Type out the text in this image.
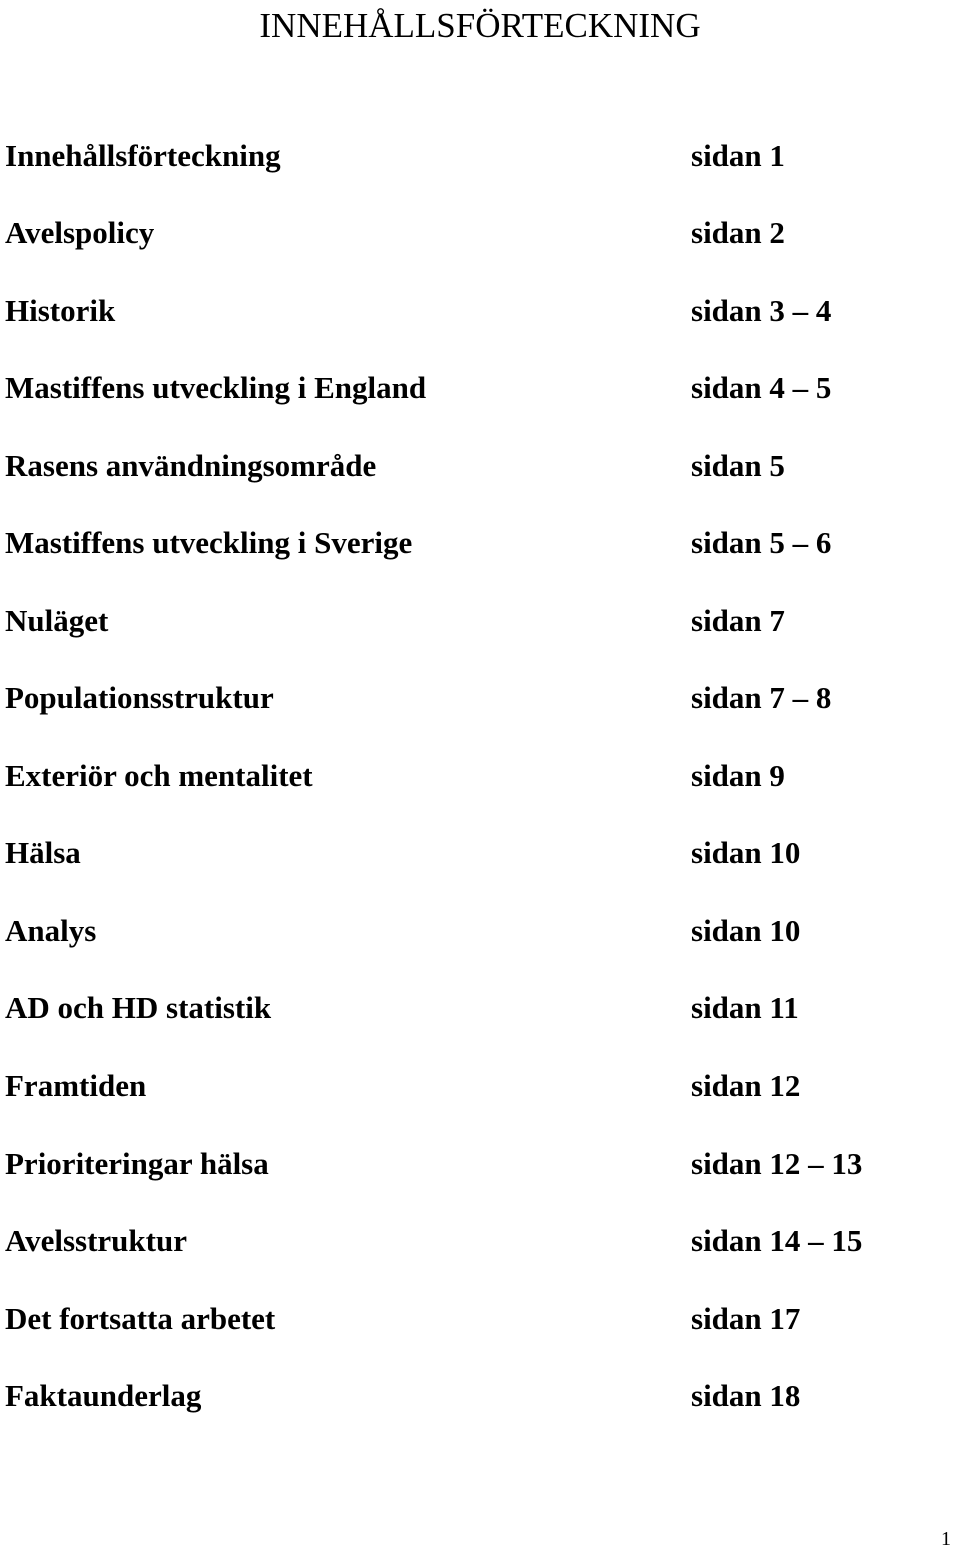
INNEHÅLLSFÖRTECKNING
Innehållsförteckning	sidan 1
Avelspolicy	sidan 2
Historik	sidan 3 – 4
Mastiffens utveckling i England	sidan 4 – 5
Rasens användningsområde	sidan 5
Mastiffens utveckling i Sverige	sidan 5 – 6
Nuläget	sidan 7
Populationsstruktur	sidan 7 – 8
Exteriör och mentalitet	sidan 9
Hälsa	sidan 10
Analys	sidan 10
AD och HD statistik	sidan 11
Framtiden	sidan 12
Prioriteringar hälsa	sidan 12 – 13
Avelsstruktur	sidan 14 – 15
Det fortsatta arbetet	sidan 17
Faktaunderlag	sidan 18
1
